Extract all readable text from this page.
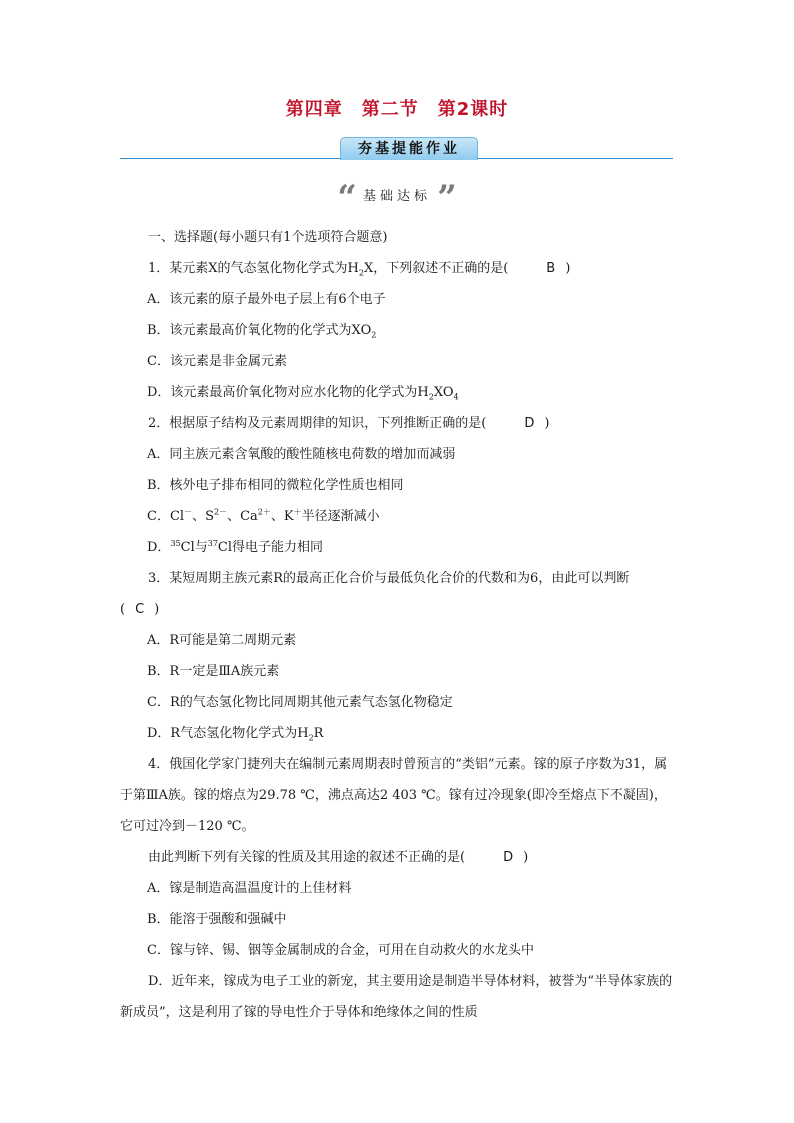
第四章　第二节　第2课时
夯基提能作业
“ 基础达标 ”

一、选择题(每小题只有1个选项符合题意)

1．某元素X的气态氢化物化学式为$H_2X$，下列叙述不正确的是(	B )

A．该元素的原子最外电子层上有6个电子

B．该元素最高价氧化物的化学式为$XO_2$

C．该元素是非金属元素

D．该元素最高价氧化物对应水化物的化学式为$H_2XO_4$

2．根据原子结构及元素周期律的知识，下列推断正确的是(	D )

A．同主族元素含氧酸的酸性随核电荷数的增加而减弱

B．核外电子排布相同的微粒化学性质也相同

C．Cl－、$S^{2-}$、$Ca^{2+}$、K＋半径逐渐减小

D．$^{35}$Cl与$^{37}$Cl得电子能力相同

3．某短周期主族元素R的最高正化合价与最低负化合价的代数和为6，由此可以判断

( C )

A．R可能是第二周期元素

B．R一定是ⅢA族元素

C．R的气态氢化物比同周期其他元素气态氢化物稳定

D．R气态氢化物化学式为$H_2R$

4．俄国化学家门捷列夫在编制元素周期表时曾预言的“类铝”元素。镓的原子序数为31，属于第ⅢA族。镓的熔点为29.78 ℃，沸点高达2 403 ℃。镓有过冷现象(即冷至熔点下不凝固)，它可过冷到－120 ℃。

由此判断下列有关镓的性质及其用途的叙述不正确的是(	D )

A．镓是制造高温温度计的上佳材料

B．能溶于强酸和强碱中

C．镓与锌、锡、铟等金属制成的合金，可用在自动救火的水龙头中

D．近年来，镓成为电子工业的新宠，其主要用途是制造半导体材料，被誉为“半导体家族的新成员”，这是利用了镓的导电性介于导体和绝缘体之间的性质
